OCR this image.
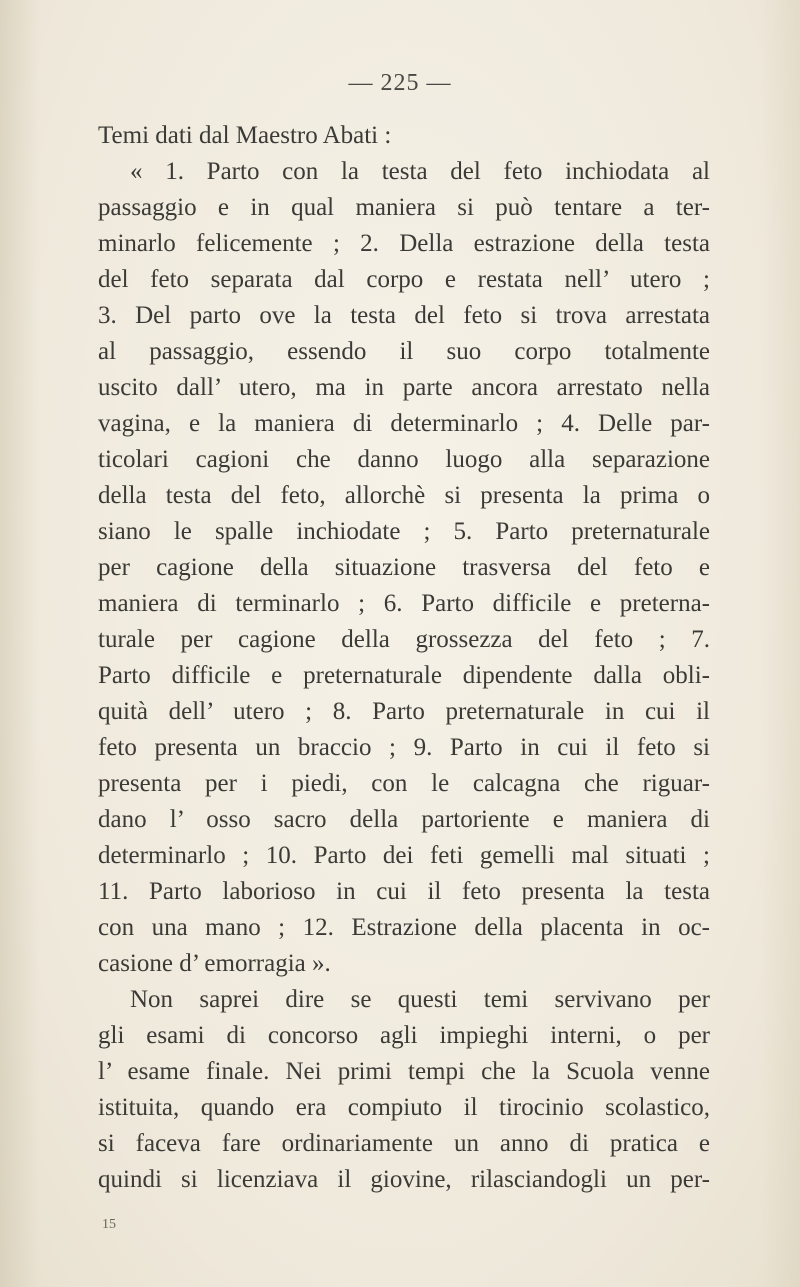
— 225 —
Temi dati dal Maestro Abati :
« 1. Parto con la testa del feto inchiodata al
passaggio e in qual maniera si può tentare a ter-
minarlo felicemente ; 2. Della estrazione della testa
del feto separata dal corpo e restata nell’ utero ;
3. Del parto ove la testa del feto si trova arrestata
al passaggio, essendo il suo corpo totalmente
uscito dall’ utero, ma in parte ancora arrestato nella
vagina, e la maniera di determinarlo ; 4. Delle par-
ticolari cagioni che danno luogo alla separazione
della testa del feto, allorchè si presenta la prima o
siano le spalle inchiodate ; 5. Parto preternaturale
per cagione della situazione trasversa del feto e
maniera di terminarlo ; 6. Parto difficile e preterna-
turale per cagione della grossezza del feto ; 7.
Parto difficile e preternaturale dipendente dalla obli-
quità dell’ utero ; 8. Parto preternaturale in cui il
feto presenta un braccio ; 9. Parto in cui il feto si
presenta per i piedi, con le calcagna che riguar-
dano l’ osso sacro della partoriente e maniera di
determinarlo ; 10. Parto dei feti gemelli mal situati ;
11. Parto laborioso in cui il feto presenta la testa
con una mano ; 12. Estrazione della placenta in oc-
casione d’ emorragia ».
Non saprei dire se questi temi servivano per
gli esami di concorso agli impieghi interni, o per
l’ esame finale. Nei primi tempi che la Scuola venne
istituita, quando era compiuto il tirocinio scolastico,
si faceva fare ordinariamente un anno di pratica e
quindi si licenziava il giovine, rilasciandogli un per-
15
